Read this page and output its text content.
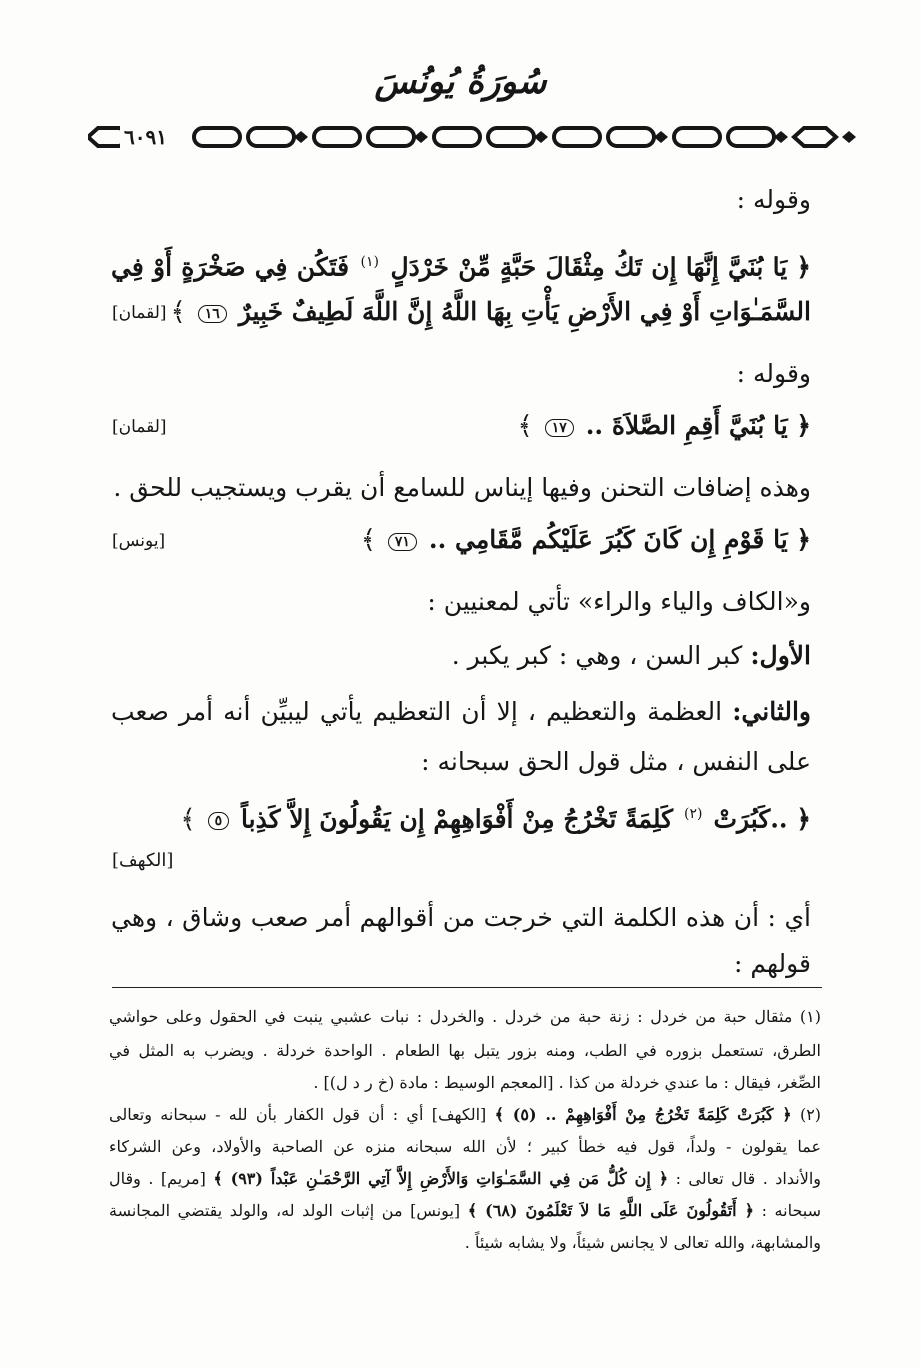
سُورَةُ يُونُسَ
٦٠٩١
وقوله :
﴿ يَا بُنَيَّ إِنَّهَا إِن تَكُ مِثْقَالَ حَبَّةٍ مِّنْ خَرْدَلٍ $^{(١)}$ فَتَكُن فِي صَخْرَةٍ أَوْ فِي
السَّمَـٰوَاتِ أَوْ فِي الأَرْضِ يَأْتِ بِهَا اللَّهُ إِنَّ اللَّهَ لَطِيفٌ خَبِيرٌ ١٦ ﴾
[لقمان]
وقوله :
﴿ يَا بُنَيَّ أَقِمِ الصَّلاَةَ .. ١٧ ﴾
[لقمان]
وهذه إضافات التحنن وفيها إيناس للسامع أن يقرب ويستجيب للحق .
﴿ يَا قَوْمِ إِن كَانَ كَبُرَ عَلَيْكُم مَّقَامِي .. ٧١ ﴾
[يونس]
و«الكاف والياء والراء» تأتي لمعنيين :
الأول: كبر السن ، وهي : كبر يكبر .
والثاني: العظمة والتعظيم ، إلا أن التعظيم يأتي ليبيِّن أنه أمر صعب
على النفس ، مثل قول الحق سبحانه :
﴿ ..كَبُرَتْ $^{(٢)}$ كَلِمَةً تَخْرُجُ مِنْ أَفْوَاهِهِمْ إِن يَقُولُونَ إِلاَّ كَذِباً ٥ ﴾
[الكهف]
أي : أن هذه الكلمة التي خرجت من أقوالهم أمر صعب وشاق ، وهي
قولهم :
(١) مثقال حبة من خردل : زنة حبة من خردل . والخردل : نبات عشبي ينبت في الحقول وعلى حواشي
الطرق، تستعمل بزوره في الطب، ومنه بزور يتبل بها الطعام . الواحدة خردلة . ويضرب به المثل في
الصِّغر، فيقال : ما عندي خردلة من كذا . [المعجم الوسيط : مادة (خ ر د ل)] .
(٢) ﴿ كَبُرَتْ كَلِمَةً تَخْرُجُ مِنْ أَفْوَاهِهِمْ .. (٥) ﴾ [الكهف] أي : أن قول الكفار بأن لله - سبحانه وتعالى
عما يقولون - ولداً، قول فيه خطأ كبير ؛ لأن الله سبحانه منزه عن الصاحبة والأولاد، وعن الشركاء
والأنداد . قال تعالى : ﴿ إِن كُلُّ مَن فِي السَّمَـٰوَاتِ وَالأَرْضِ إِلاَّ آتِي الرَّحْمَـٰنِ عَبْداً (٩٣) ﴾ [مريم] . وقال
سبحانه : ﴿ أَتَقُولُونَ عَلَى اللَّهِ مَا لاَ تَعْلَمُونَ (٦٨) ﴾ [يونس] من إثبات الولد له، والولد يقتضي المجانسة
والمشابهة، والله تعالى لا يجانس شيئاً، ولا يشابه شيئاً .
